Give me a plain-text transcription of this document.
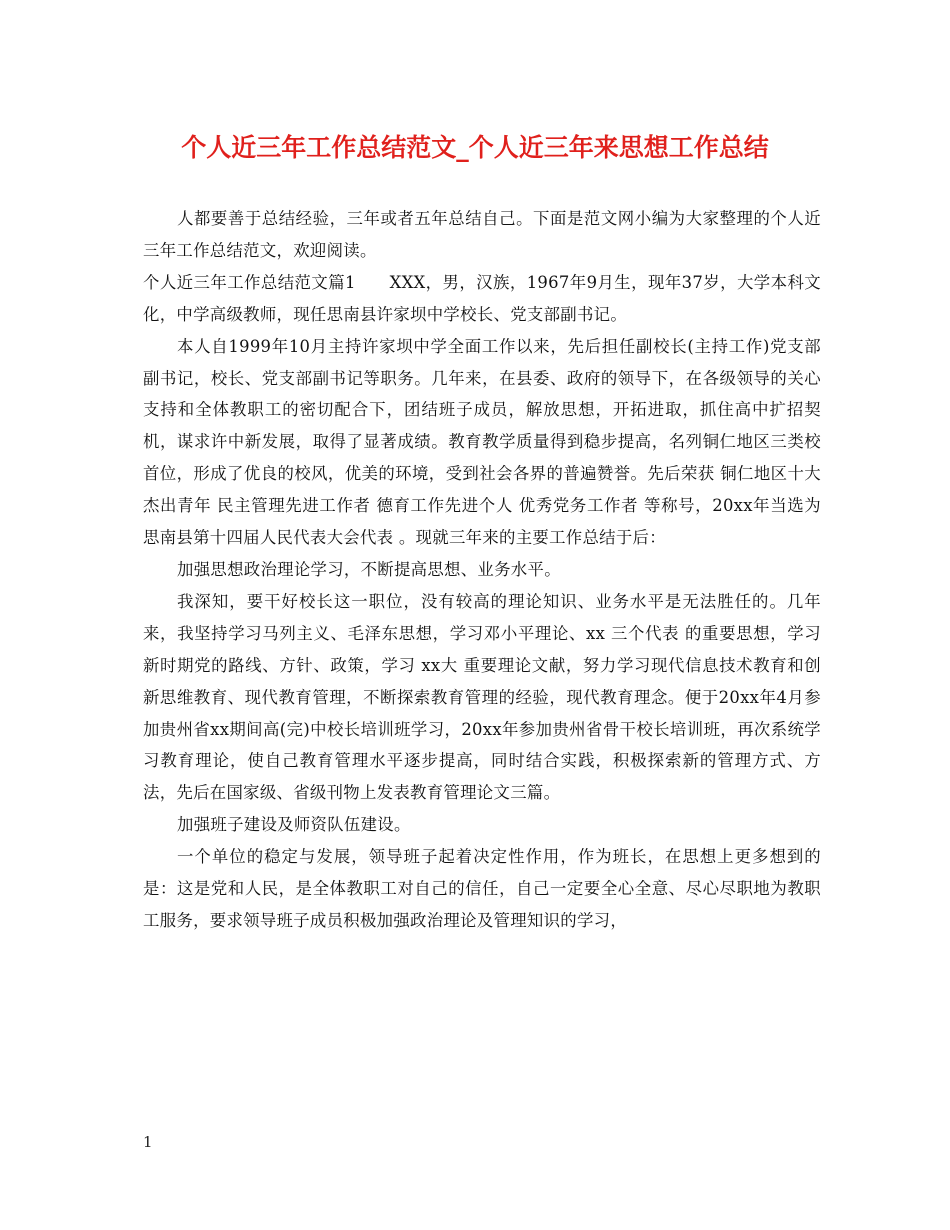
个人近三年工作总结范文_个人近三年来思想工作总结

人都要善于总结经验，三年或者五年总结自己。下面是范文网小编为大家整理的个人近三年工作总结范文，欢迎阅读。

个人近三年工作总结范文篇1　　XXX，男，汉族，1967年9月生，现年37岁，大学本科文化，中学高级教师，现任思南县许家坝中学校长、党支部副书记。

本人自1999年10月主持许家坝中学全面工作以来，先后担任副校长(主持工作)党支部副书记，校长、党支部副书记等职务。几年来，在县委、政府的领导下，在各级领导的关心支持和全体教职工的密切配合下，团结班子成员，解放思想，开拓进取，抓住高中扩招契机，谋求许中新发展，取得了显著成绩。教育教学质量得到稳步提高，名列铜仁地区三类校首位，形成了优良的校风，优美的环境，受到社会各界的普遍赞誉。先后荣获 铜仁地区十大杰出青年 民主管理先进工作者 德育工作先进个人 优秀党务工作者 等称号，20xx年当选为 思南县第十四届人民代表大会代表 。现就三年来的主要工作总结于后：

加强思想政治理论学习，不断提高思想、业务水平。

我深知，要干好校长这一职位，没有较高的理论知识、业务水平是无法胜任的。几年来，我坚持学习马列主义、毛泽东思想，学习邓小平理论、xx 三个代表 的重要思想，学习新时期党的路线、方针、政策，学习 xx大 重要理论文献，努力学习现代信息技术教育和创新思维教育、现代教育管理，不断探索教育管理的经验，现代教育理念。便于20xx年4月参加贵州省xx期间高(完)中校长培训班学习，20xx年参加贵州省骨干校长培训班，再次系统学习教育理论，使自己教育管理水平逐步提高，同时结合实践，积极探索新的管理方式、方法，先后在国家级、省级刊物上发表教育管理论文三篇。

加强班子建设及师资队伍建设。

一个单位的稳定与发展，领导班子起着决定性作用，作为班长，在思想上更多想到的是：这是党和人民，是全体教职工对自己的信任，自己一定要全心全意、尽心尽职地为教职工服务，要求领导班子成员积极加强政治理论及管理知识的学习，

1
